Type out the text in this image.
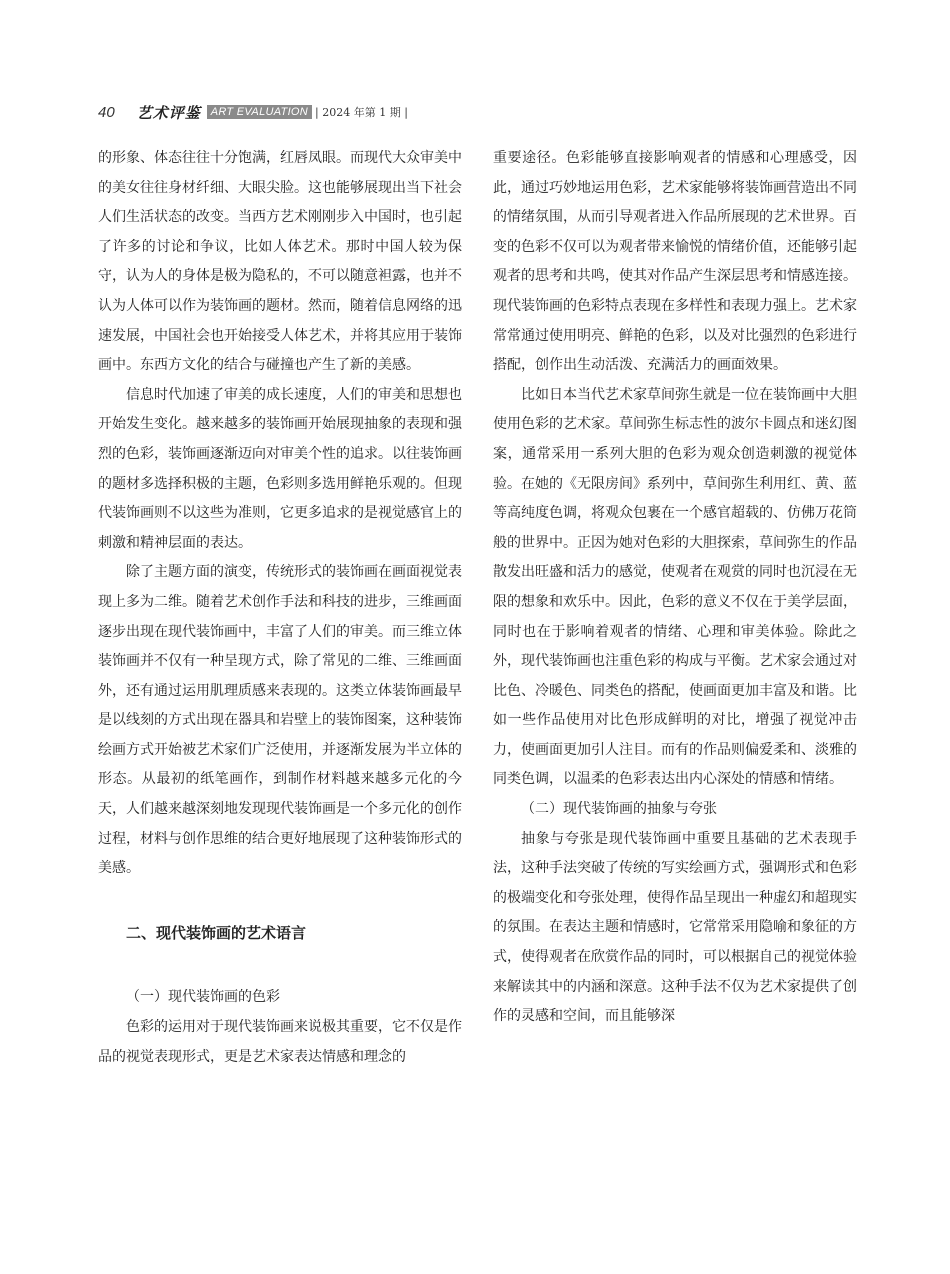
40 艺术评鉴 ART EVALUATION | 2024 年第 1 期 |

的形象、体态往往十分饱满，红唇凤眼。而现代大众审美中的美女往往身材纤细、大眼尖脸。这也能够展现出当下社会人们生活状态的改变。当西方艺术刚刚步入中国时，也引起了许多的讨论和争议，比如人体艺术。那时中国人较为保守，认为人的身体是极为隐私的，不可以随意袒露，也并不认为人体可以作为装饰画的题材。然而，随着信息网络的迅速发展，中国社会也开始接受人体艺术，并将其应用于装饰画中。东西方文化的结合与碰撞也产生了新的美感。

信息时代加速了审美的成长速度，人们的审美和思想也开始发生变化。越来越多的装饰画开始展现抽象的表现和强烈的色彩，装饰画逐渐迈向对审美个性的追求。以往装饰画的题材多选择积极的主题，色彩则多选用鲜艳乐观的。但现代装饰画则不以这些为准则，它更多追求的是视觉感官上的刺激和精神层面的表达。

除了主题方面的演变，传统形式的装饰画在画面视觉表现上多为二维。随着艺术创作手法和科技的进步，三维画面逐步出现在现代装饰画中，丰富了人们的审美。而三维立体装饰画并不仅有一种呈现方式，除了常见的二维、三维画面外，还有通过运用肌理质感来表现的。这类立体装饰画最早是以线刻的方式出现在器具和岩壁上的装饰图案，这种装饰绘画方式开始被艺术家们广泛使用，并逐渐发展为半立体的形态。从最初的纸笔画作，到制作材料越来越多元化的今天，人们越来越深刻地发现现代装饰画是一个多元化的创作过程，材料与创作思维的结合更好地展现了这种装饰形式的美感。

二、现代装饰画的艺术语言

（一）现代装饰画的色彩

色彩的运用对于现代装饰画来说极其重要，它不仅是作品的视觉表现形式，更是艺术家表达情感和理念的

重要途径。色彩能够直接影响观者的情感和心理感受，因此，通过巧妙地运用色彩，艺术家能够将装饰画营造出不同的情绪氛围，从而引导观者进入作品所展现的艺术世界。百变的色彩不仅可以为观者带来愉悦的情绪价值，还能够引起观者的思考和共鸣，使其对作品产生深层思考和情感连接。现代装饰画的色彩特点表现在多样性和表现力强上。艺术家常常通过使用明亮、鲜艳的色彩，以及对比强烈的色彩进行搭配，创作出生动活泼、充满活力的画面效果。

比如日本当代艺术家草间弥生就是一位在装饰画中大胆使用色彩的艺术家。草间弥生标志性的波尔卡圆点和迷幻图案，通常采用一系列大胆的色彩为观众创造刺激的视觉体验。在她的《无限房间》系列中，草间弥生利用红、黄、蓝等高纯度色调，将观众包裹在一个感官超载的、仿佛万花筒般的世界中。正因为她对色彩的大胆探索，草间弥生的作品散发出旺盛和活力的感觉，使观者在观赏的同时也沉浸在无限的想象和欢乐中。因此，色彩的意义不仅在于美学层面，同时也在于影响着观者的情绪、心理和审美体验。除此之外，现代装饰画也注重色彩的构成与平衡。艺术家会通过对比色、冷暖色、同类色的搭配，使画面更加丰富及和谐。比如一些作品使用对比色形成鲜明的对比，增强了视觉冲击力，使画面更加引人注目。而有的作品则偏爱柔和、淡雅的同类色调，以温柔的色彩表达出内心深处的情感和情绪。

（二）现代装饰画的抽象与夸张

抽象与夸张是现代装饰画中重要且基础的艺术表现手法，这种手法突破了传统的写实绘画方式，强调形式和色彩的极端变化和夸张处理，使得作品呈现出一种虚幻和超现实的氛围。在表达主题和情感时，它常常采用隐喻和象征的方式，使得观者在欣赏作品的同时，可以根据自己的视觉体验来解读其中的内涵和深意。这种手法不仅为艺术家提供了创作的灵感和空间，而且能够深
